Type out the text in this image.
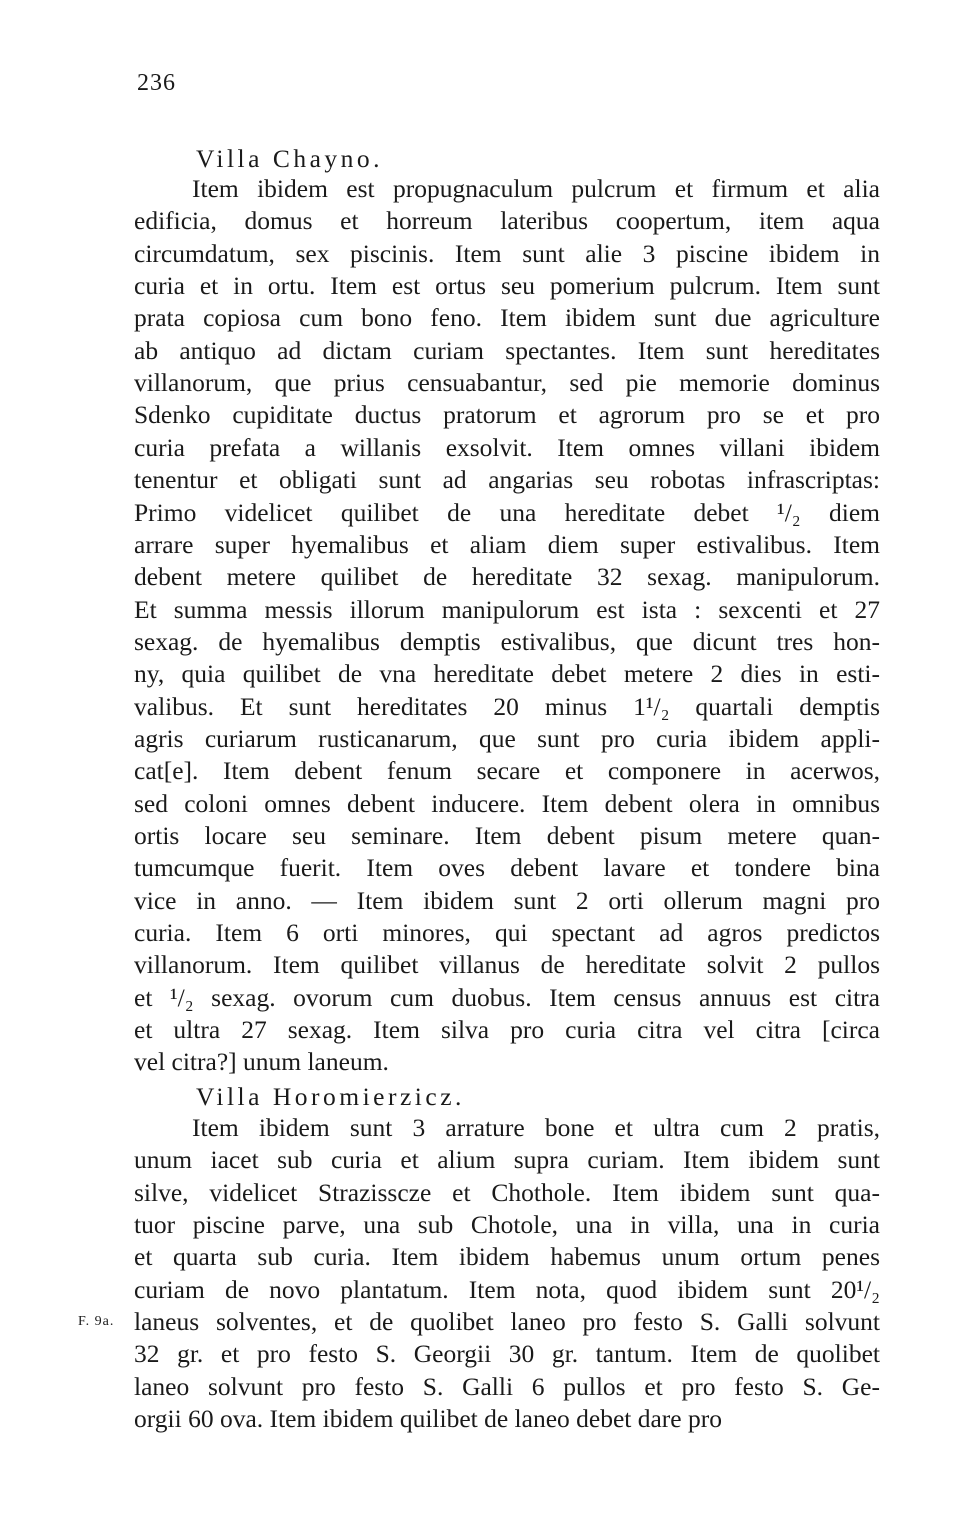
236
Villa Chayno.
Item ibidem est propugnaculum pulcrum et firmum et alia
edificia, domus et horreum lateribus coopertum, item aqua
circumdatum, sex piscinis. Item sunt alie 3 piscine ibidem in
curia et in ortu. Item est ortus seu pomerium pulcrum. Item sunt
prata copiosa cum bono feno. Item ibidem sunt due agriculture
ab antiquo ad dictam curiam spectantes. Item sunt hereditates
villanorum, que prius censuabantur, sed pie memorie dominus
Sdenko cupiditate ductus pratorum et agrorum pro se et pro
curia prefata a willanis exsolvit. Item omnes villani ibidem
tenentur et obligati sunt ad angarias seu robotas infrascriptas:
Primo videlicet quilibet de una hereditate debet ¹/₂ diem
arrare super hyemalibus et aliam diem super estivalibus. Item
debent metere quilibet de hereditate 32 sexag. manipulorum.
Et summa messis illorum manipulorum est ista : sexcenti et 27
sexag. de hyemalibus demptis estivalibus, que dicunt tres hon-
ny, quia quilibet de vna hereditate debet metere 2 dies in esti-
valibus. Et sunt hereditates 20 minus 1¹/₂ quartali demptis
agris curiarum rusticanarum, que sunt pro curia ibidem appli-
cat[e]. Item debent fenum secare et componere in acerwos,
sed coloni omnes debent inducere. Item debent olera in omnibus
ortis locare seu seminare. Item debent pisum metere quan-
tumcumque fuerit. Item oves debent lavare et tondere bina
vice in anno. — Item ibidem sunt 2 orti ollerum magni pro
curia. Item 6 orti minores, qui spectant ad agros predictos
villanorum. Item quilibet villanus de hereditate solvit 2 pullos
et ¹/₂ sexag. ovorum cum duobus. Item census annuus est citra
et ultra 27 sexag. Item silva pro curia citra vel citra [circa
vel citra?] unum laneum.
Villa Horomierzicz.
Item ibidem sunt 3 arrature bone et ultra cum 2 pratis,
unum iacet sub curia et alium supra curiam. Item ibidem sunt
silve, videlicet Strazisscze et Chothole. Item ibidem sunt qua-
tuor piscine parve, una sub Chotole, una in villa, una in curia
et quarta sub curia. Item ibidem habemus unum ortum penes
curiam de novo plantatum. Item nota, quod ibidem sunt 20¹/₂
laneus solventes, et de quolibet laneo pro festo S. Galli solvunt
32 gr. et pro festo S. Georgii 30 gr. tantum. Item de quolibet
laneo solvunt pro festo S. Galli 6 pullos et pro festo S. Ge-
orgii 60 ova. Item ibidem quilibet de laneo debet dare pro
F. 9a.
